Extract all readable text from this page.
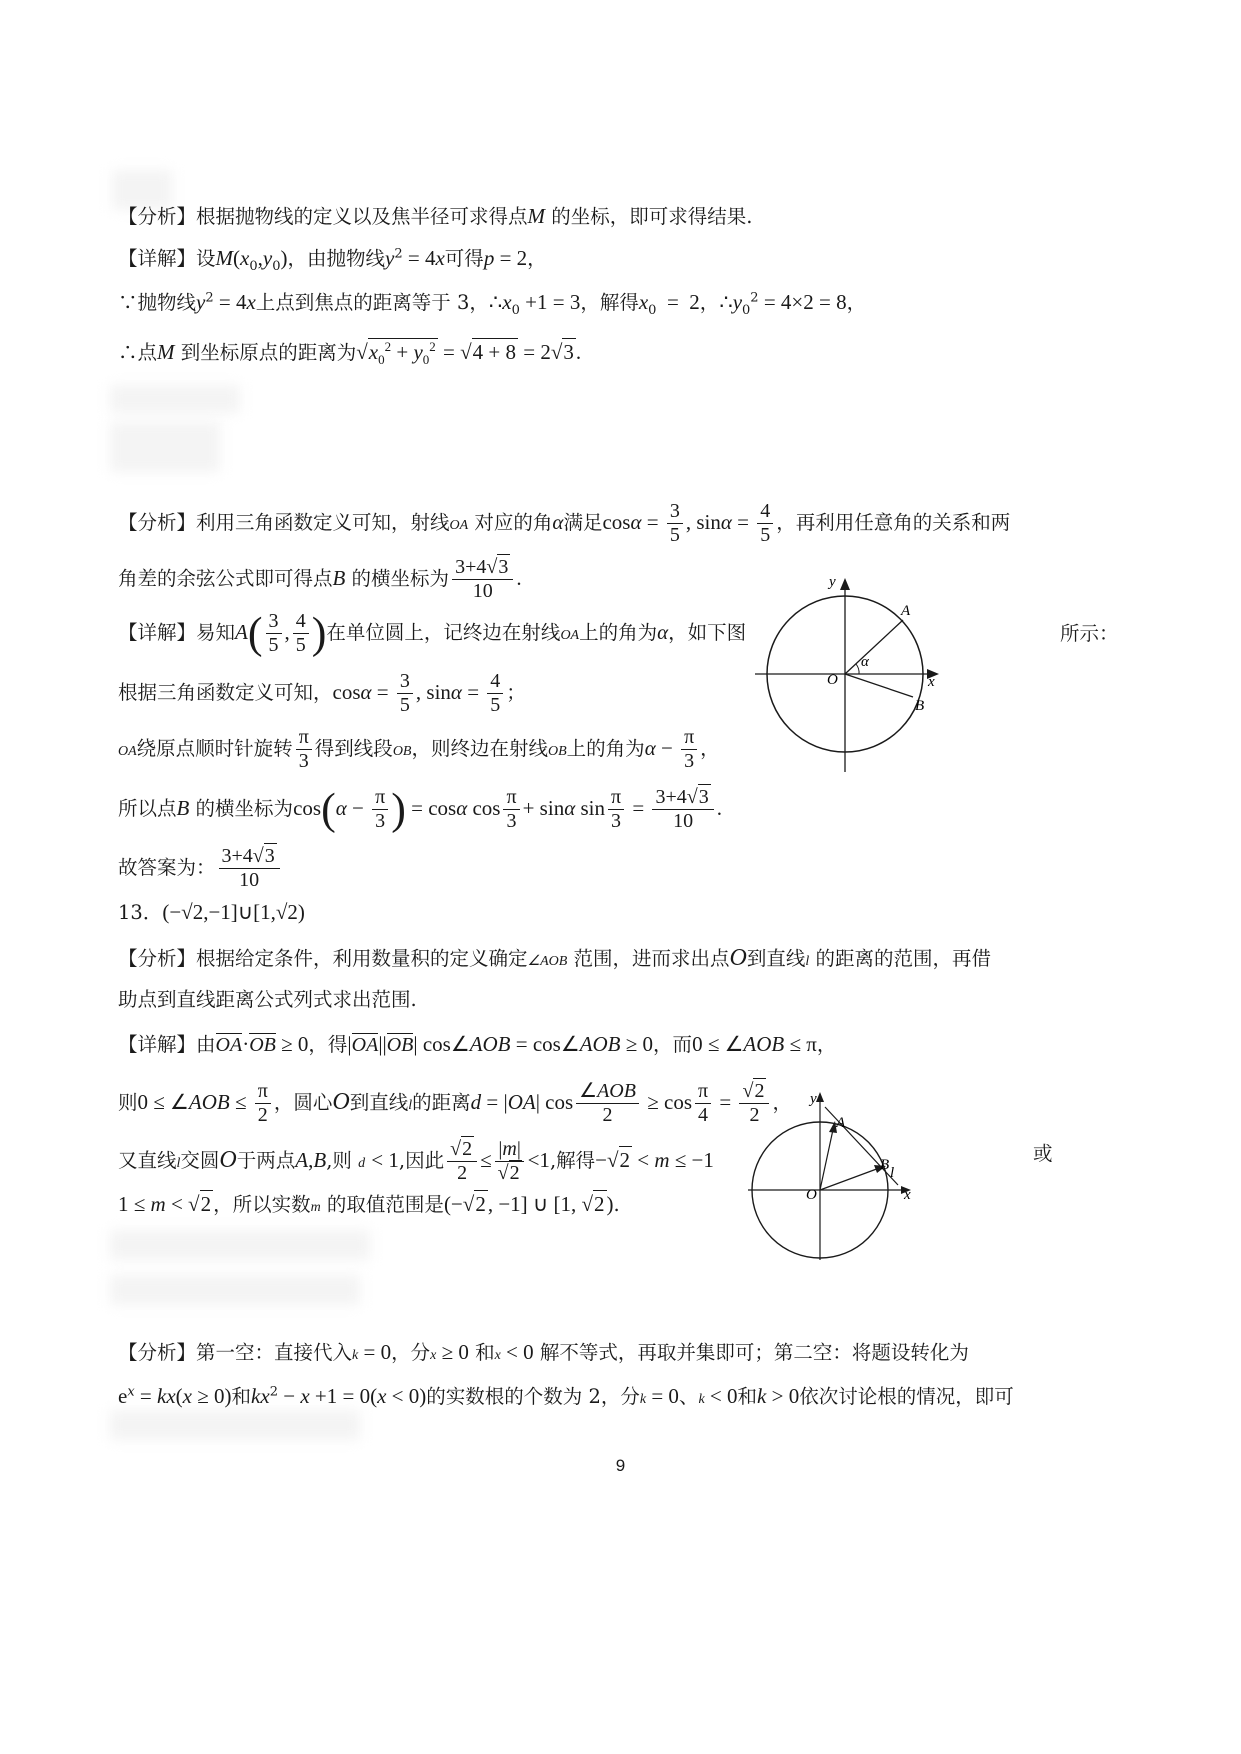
【分析】根据抛物线的定义以及焦半径可求得点M 的坐标，即可求得结果.
【详解】设$M(x_0,y_0)$，由抛物线$y^2 = 4x$可得p = 2，
∵抛物线$y^2 = 4x$上点到焦点的距离等于 3，$\therefore x_0 +1 = 3$，解得$x_0 = 2$，$\therefore y_0^2 = 4\times 2 = 8$，
∴点M 到坐标原点的距离为$√x_0^2 + y_0^2 = √4 + 8 = 2√3$.
【分析】利用三角函数定义可知，射线OA 对应的角α满足$\cos\alpha = \frac{3}{5}$ , $\sin\alpha = \frac{4}{5}$ ，再利用任意角的关系和两
角差的余弦公式即可得点B 的横坐标为 $\frac{3+4√3}{10}$ .
【详解】易知$A( \frac{3}{5}$ , $\frac{4}{5}$ )在单位圆上，记终边在射线OA上的角为α，如下图	所示：
根据三角函数定义可知，$\cos\alpha = \frac{3}{5}$ , $\sin\alpha = \frac{4}{5}$ ；
OA绕原点顺时针旋转 $\frac{\pi}{3}$ 得到线段OB，则终边在射线OB上的角为$\alpha - \frac{\pi}{3}$ ，
所以点B 的横坐标为$\cos(\alpha - \frac{\pi}{3}$ ) = cosα $\cos \frac{\pi}{3} + \sin\alpha$ $\sin \frac{\pi}{3} = \frac{3+4√3}{10}$ .
故答案为： $\frac{3+4√3}{10}$
y
A
α
O	x
B
13．(−√2,−1]∪[1,√2)
【分析】根据给定条件，利用数量积的定义确定∠AOB 范围，进而求出点O到直线l 的距离的范围，再借
助点到直线距离公式列式求出范围.
【详解】由OA·OB ≥ 0，得|OA||OB| cos∠AOB = cos∠AOB ≥ 0，而0 ≤ ∠AOB ≤ π，
则0 ≤ ∠AOB ≤ $\frac{\pi}{2}$ ，圆心O到直线l的距离d = |OA| $\cos \frac{\text{∠AOB}}{2} \ge \cos \frac{\pi}{4} = \frac{√2}{2}$ ，
又直线l交圆O于两点A,B,则 d < 1,因此 $\frac{√2}{2} \le \frac{|m|}{√2} <1$,解得−√2 < m ≤ −1	或
1 ≤ m < √2 ，所以实数m 的取值范围是(−√2, −1] ∪ [1, √2).
y
A
B l
O	x
【分析】第一空：直接代入k = 0，分x ≥ 0 和x < 0 解不等式，再取并集即可；第二空：将题设转化为
$e^x = kx(x \ge 0)$和$kx^2 - x +1 = 0(x < 0)$的实数根的个数为 2，分k = 0、k < 0和k > 0依次讨论根的情况，即可
9
